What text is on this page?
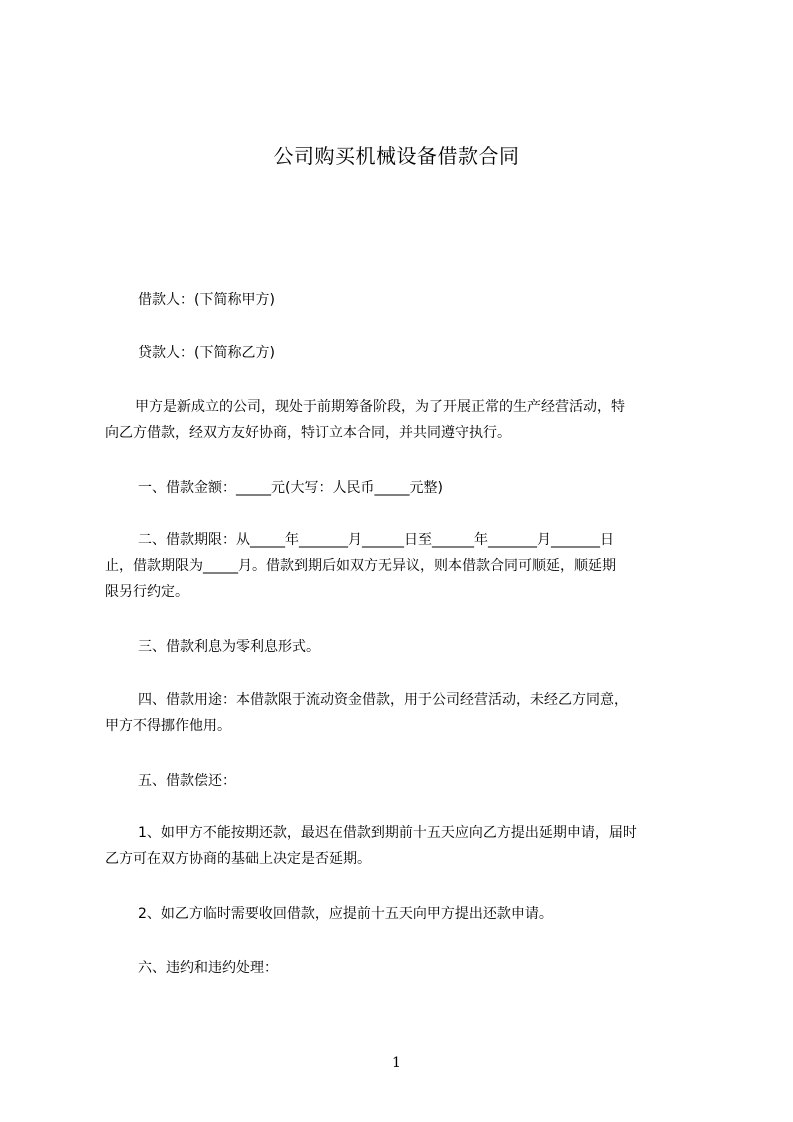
公司购买机械设备借款合同
借款人：(下简称甲方)
贷款人：(下简称乙方)
甲方是新成立的公司，现处于前期筹备阶段，为了开展正常的生产经营活动，特
向乙方借款，经双方友好协商，特订立本合同，并共同遵守执行。
一、借款金额：_____元(大写：人民币_____元整)
二、借款期限：从_____年_______月______日至______年_______月_______日
止，借款期限为_____月。借款到期后如双方无异议，则本借款合同可顺延，顺延期
限另行约定。
三、借款利息为零利息形式。
四、借款用途：本借款限于流动资金借款，用于公司经营活动，未经乙方同意，
甲方不得挪作他用。
五、借款偿还：
1、如甲方不能按期还款，最迟在借款到期前十五天应向乙方提出延期申请，届时
乙方可在双方协商的基础上决定是否延期。
2、如乙方临时需要收回借款，应提前十五天向甲方提出还款申请。
六、违约和违约处理：
1
